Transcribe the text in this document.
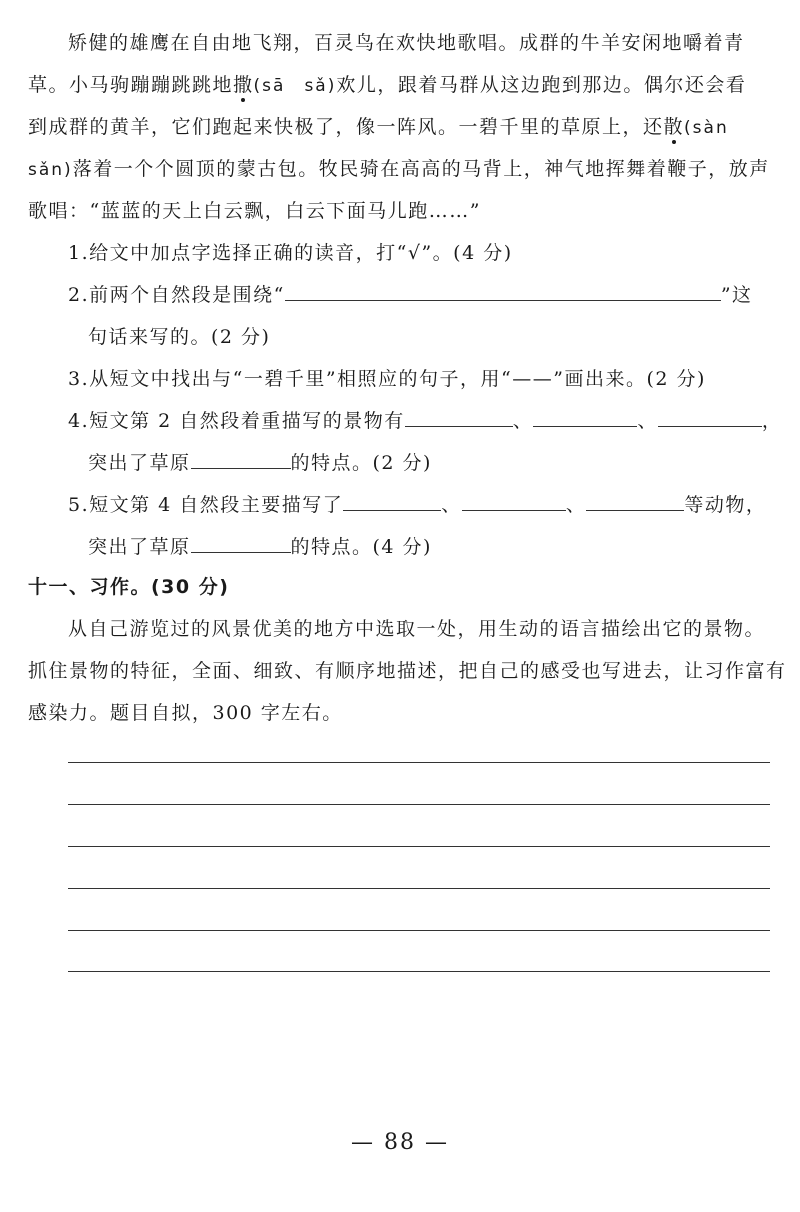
矫健的雄鹰在自由地飞翔，百灵鸟在欢快地歌唱。成群的牛羊安闲地嚼着青
草。小马驹蹦蹦跳跳地撒(sā　sǎ)欢儿，跟着马群从这边跑到那边。偶尔还会看
到成群的黄羊，它们跑起来快极了，像一阵风。一碧千里的草原上，还散(sàn
sǎn)落着一个个圆顶的蒙古包。牧民骑在高高的马背上，神气地挥舞着鞭子，放声
歌唱：“蓝蓝的天上白云飘，白云下面马儿跑……”
1.给文中加点字选择正确的读音，打“√”。(4 分)
2.前两个自然段是围绕“	”这
句话来写的。(2 分)
3.从短文中找出与“一碧千里”相照应的句子，用“——”画出来。(2 分)
4.短文第 2 自然段着重描写的景物有	、	、	，
突出了草原	的特点。(2 分)
5.短文第 4 自然段主要描写了	、	、	等动物，
突出了草原	的特点。(4 分)
十一、习作。(30 分)
从自己游览过的风景优美的地方中选取一处，用生动的语言描绘出它的景物。
抓住景物的特征，全面、细致、有顺序地描述，把自己的感受也写进去，让习作富有
感染力。题目自拟，300 字左右。
— 88 —
